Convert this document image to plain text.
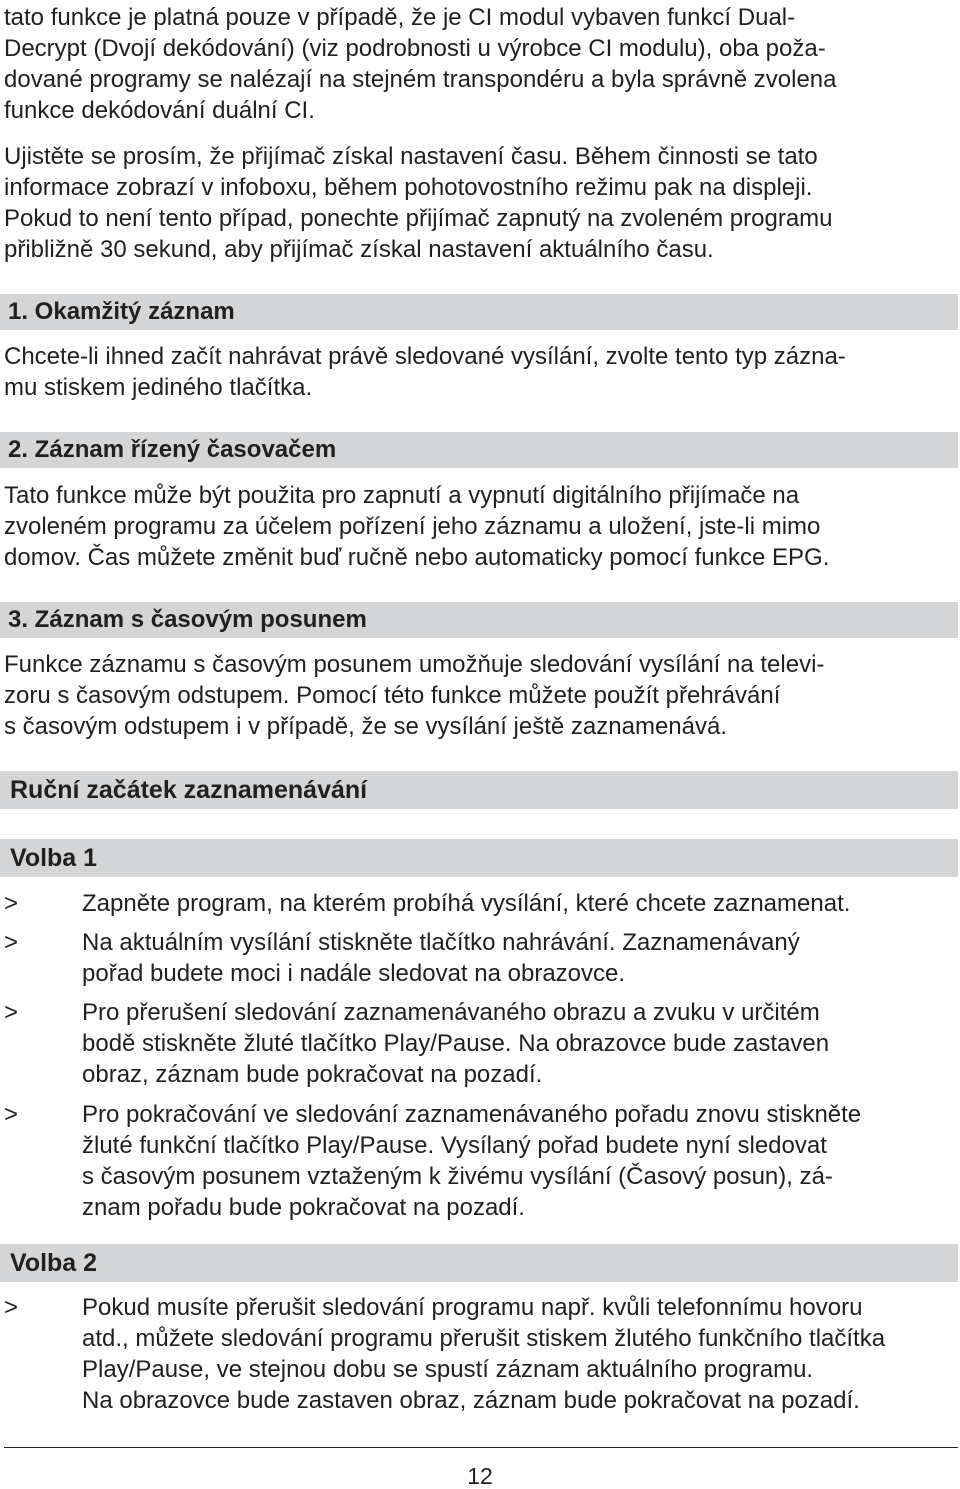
tato funkce je platná pouze v případě, že je CI modul vybaven funkcí Dual-
Decrypt (Dvojí dekódování) (viz podrobnosti u výrobce CI modulu), oba poža-
dované programy se nalézají na stejném transpondéru a byla správně zvolena
funkce dekódování duální CI.
Ujistěte se prosím, že přijímač získal nastavení času. Během činnosti se tato
informace zobrazí v infoboxu, během pohotovostního režimu pak na displeji.
Pokud to není tento případ, ponechte přijímač zapnutý na zvoleném programu
přibližně 30 sekund, aby přijímač získal nastavení aktuálního času.
1. Okamžitý záznam
Chcete-li ihned začít nahrávat právě sledované vysílání, zvolte tento typ zázna-
mu stiskem jediného tlačítka.
2. Záznam řízený časovačem
Tato funkce může být použita pro zapnutí a vypnutí digitálního přijímače na
zvoleném programu za účelem pořízení jeho záznamu a uložení, jste-li mimo
domov. Čas můžete změnit buď ručně nebo automaticky pomocí funkce EPG.
3. Záznam s časovým posunem
Funkce záznamu s časovým posunem umožňuje sledování vysílání na televi-
zoru s časovým odstupem. Pomocí této funkce můžete použít přehrávání
s časovým odstupem i v případě, že se vysílání ještě zaznamenává.
Ruční začátek zaznamenávání
Volba 1
>	Zapněte program, na kterém probíhá vysílání, které chcete zaznamenat.
>	Na aktuálním vysílání stiskněte tlačítko nahrávání. Zaznamenávaný
pořad budete moci i nadále sledovat na obrazovce.
>	Pro přerušení sledování zaznamenávaného obrazu a zvuku v určitém
bodě stiskněte žluté tlačítko Play/Pause. Na obrazovce bude zastaven
obraz, záznam bude pokračovat na pozadí.
>	Pro pokračování ve sledování zaznamenávaného pořadu znovu stiskněte
žluté funkční tlačítko Play/Pause. Vysílaný pořad budete nyní sledovat
s časovým posunem vztaženým k živému vysílání (Časový posun), zá-
znam pořadu bude pokračovat na pozadí.
Volba 2
>	Pokud musíte přerušit sledování programu např. kvůli telefonnímu hovoru
atd., můžete sledování programu přerušit stiskem žlutého funkčního tlačítka
Play/Pause, ve stejnou dobu se spustí záznam aktuálního programu.
Na obrazovce bude zastaven obraz, záznam bude pokračovat na pozadí.
12
